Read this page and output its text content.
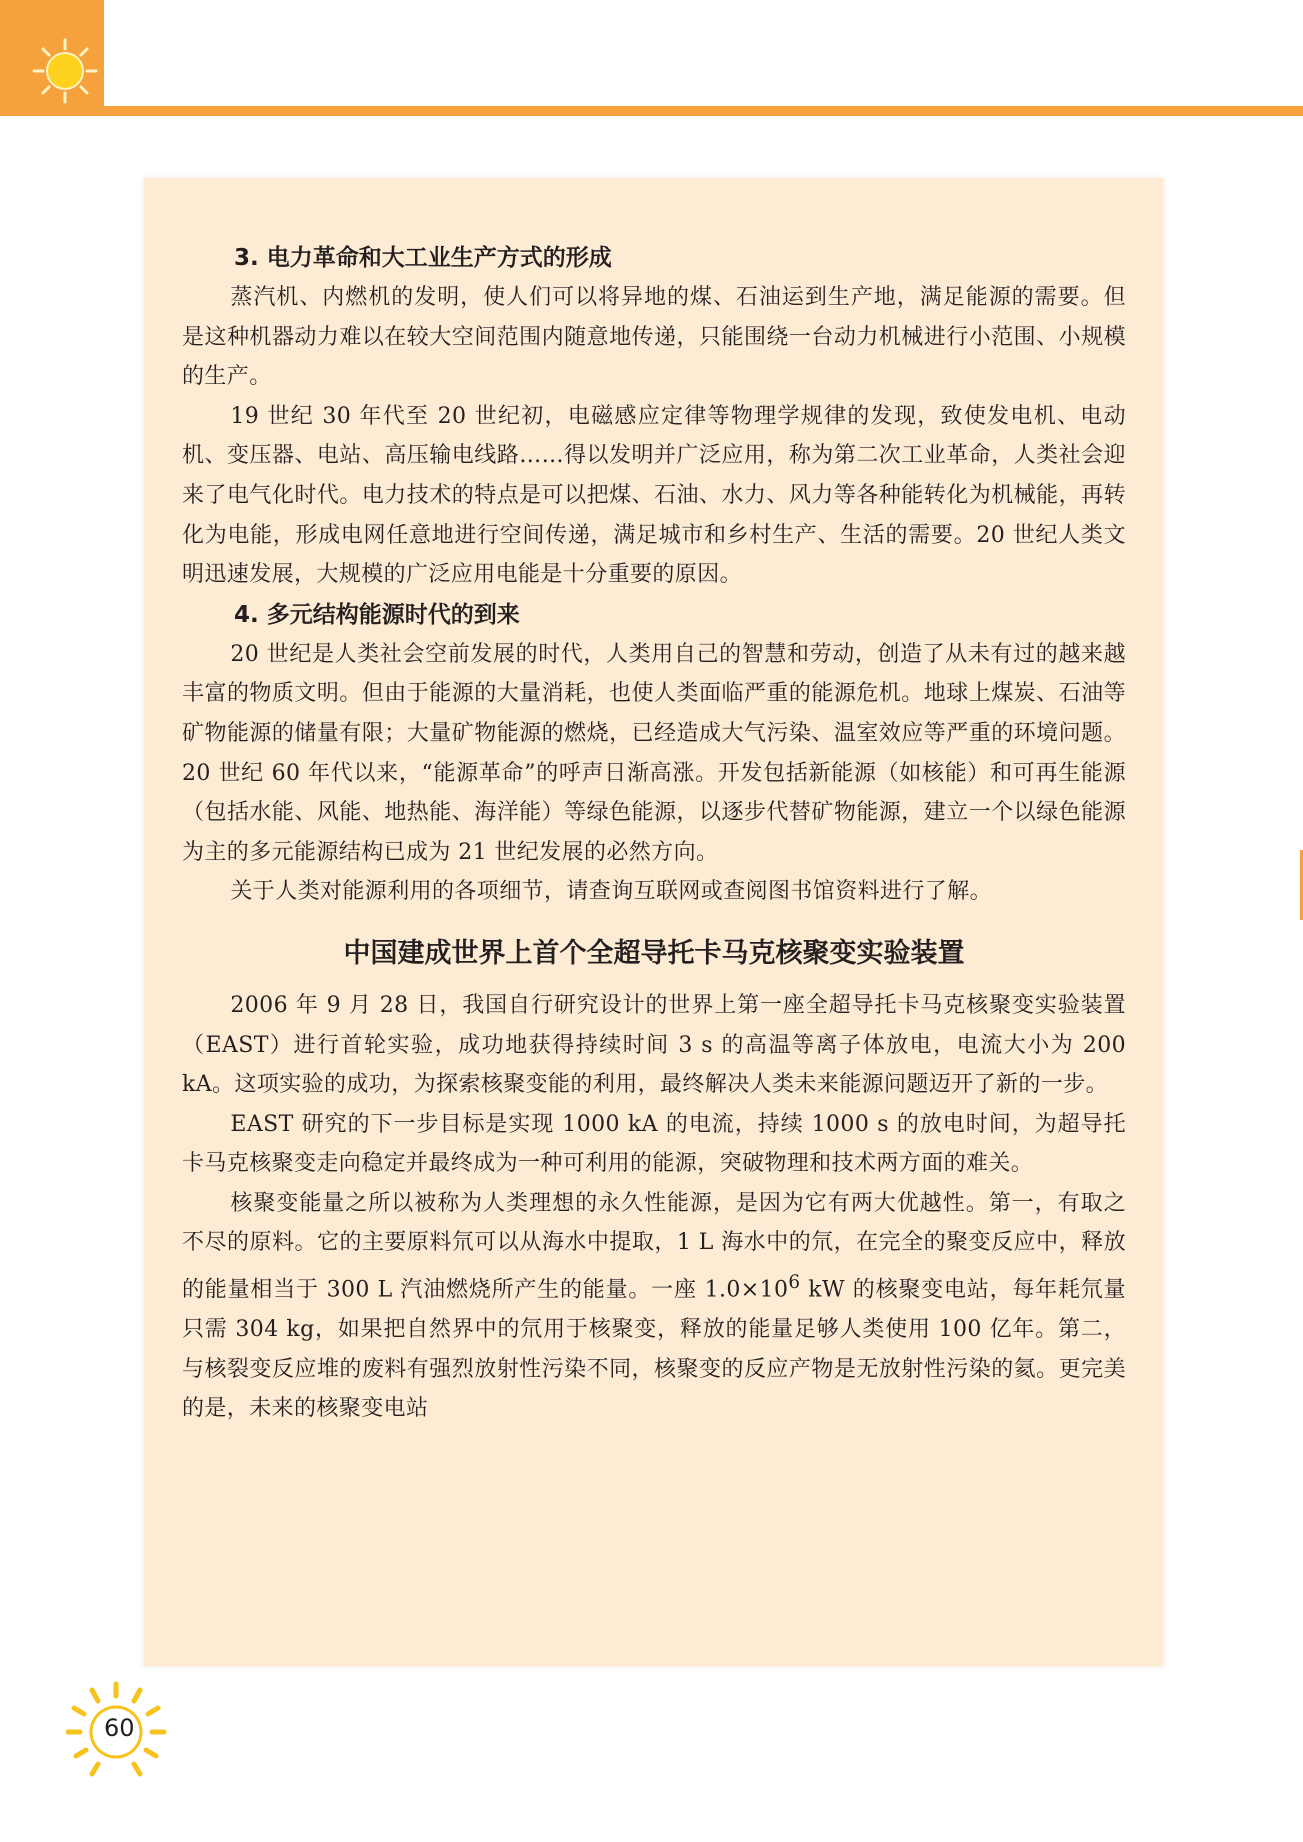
3. 电力革命和大工业生产方式的形成

蒸汽机、内燃机的发明，使人们可以将异地的煤、石油运到生产地，满足能源的需要。但是这种机器动力难以在较大空间范围内随意地传递，只能围绕一台动力机械进行小范围、小规模的生产。

19 世纪 30 年代至 20 世纪初，电磁感应定律等物理学规律的发现，致使发电机、电动机、变压器、电站、高压输电线路……得以发明并广泛应用，称为第二次工业革命，人类社会迎来了电气化时代。电力技术的特点是可以把煤、石油、水力、风力等各种能转化为机械能，再转化为电能，形成电网任意地进行空间传递，满足城市和乡村生产、生活的需要。20 世纪人类文明迅速发展，大规模的广泛应用电能是十分重要的原因。

4. 多元结构能源时代的到来

20 世纪是人类社会空前发展的时代，人类用自己的智慧和劳动，创造了从未有过的越来越丰富的物质文明。但由于能源的大量消耗，也使人类面临严重的能源危机。地球上煤炭、石油等矿物能源的储量有限；大量矿物能源的燃烧，已经造成大气污染、温室效应等严重的环境问题。20 世纪 60 年代以来，“能源革命”的呼声日渐高涨。开发包括新能源（如核能）和可再生能源（包括水能、风能、地热能、海洋能）等绿色能源，以逐步代替矿物能源，建立一个以绿色能源为主的多元能源结构已成为 21 世纪发展的必然方向。

关于人类对能源利用的各项细节，请查询互联网或查阅图书馆资料进行了解。

中国建成世界上首个全超导托卡马克核聚变实验装置

2006 年 9 月 28 日，我国自行研究设计的世界上第一座全超导托卡马克核聚变实验装置（EAST）进行首轮实验，成功地获得持续时间 3 s 的高温等离子体放电，电流大小为 200 kA。这项实验的成功，为探索核聚变能的利用，最终解决人类未来能源问题迈开了新的一步。

EAST 研究的下一步目标是实现 1000 kA 的电流，持续 1000 s 的放电时间，为超导托卡马克核聚变走向稳定并最终成为一种可利用的能源，突破物理和技术两方面的难关。

核聚变能量之所以被称为人类理想的永久性能源，是因为它有两大优越性。第一，有取之不尽的原料。它的主要原料氘可以从海水中提取，1 L 海水中的氘，在完全的聚变反应中，释放的能量相当于 300 L 汽油燃烧所产生的能量。一座 $1.0\times 10^6$ kW 的核聚变电站，每年耗氘量只需 304 kg，如果把自然界中的氘用于核聚变，释放的能量足够人类使用 100 亿年。第二，与核裂变反应堆的废料有强烈放射性污染不同，核聚变的反应产物是无放射性污染的氦。更完美的是，未来的核聚变电站

60
